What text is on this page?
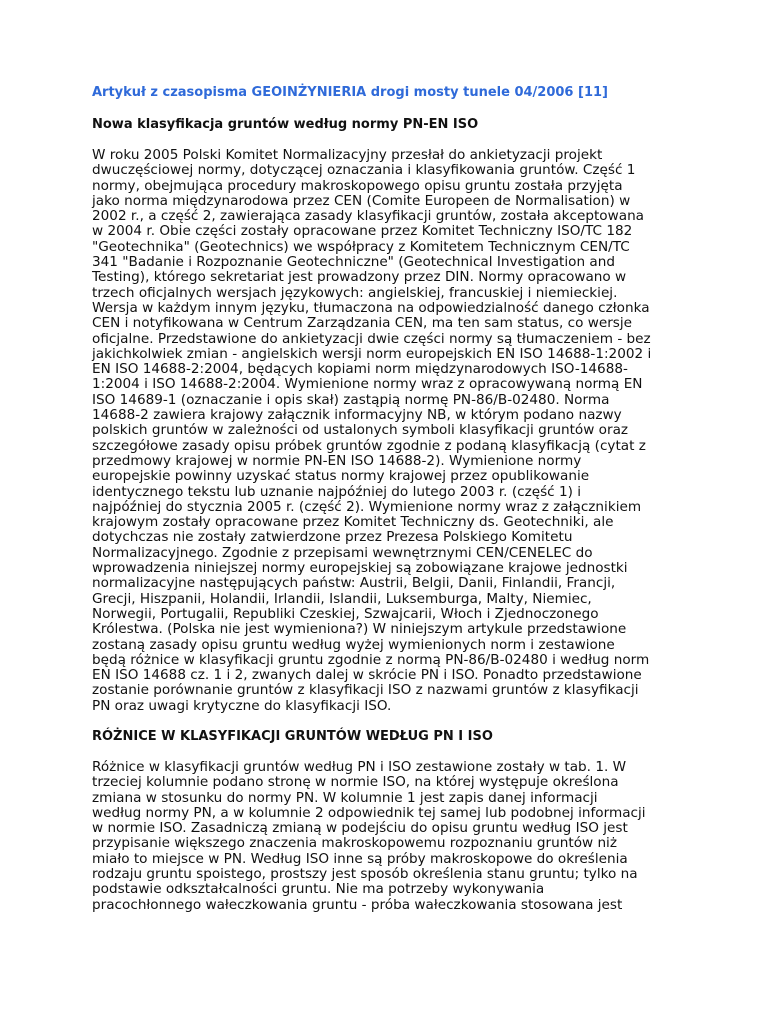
Artykuł z czasopisma GEOINŻYNIERIA drogi mosty tunele 04/2006 [11]
Nowa klasyfikacja gruntów według normy PN-EN ISO

W roku 2005 Polski Komitet Normalizacyjny przesłał do ankietyzacji projekt
dwuczęściowej normy, dotyczącej oznaczania i klasyfikowania gruntów. Część 1
normy, obejmująca procedury makroskopowego opisu gruntu została przyjęta
jako norma międzynarodowa przez CEN (Comite Europeen de Normalisation) w
2002 r., a część 2, zawierająca zasady klasyfikacji gruntów, została akceptowana
w 2004 r. Obie części zostały opracowane przez Komitet Techniczny ISO/TC 182
"Geotechnika" (Geotechnics) we współpracy z Komitetem Technicznym CEN/TC
341 "Badanie i Rozpoznanie Geotechniczne" (Geotechnical Investigation and
Testing), którego sekretariat jest prowadzony przez DIN. Normy opracowano w
trzech oficjalnych wersjach językowych: angielskiej, francuskiej i niemieckiej.
Wersja w każdym innym języku, tłumaczona na odpowiedzialność danego członka
CEN i notyfikowana w Centrum Zarządzania CEN, ma ten sam status, co wersje
oficjalne. Przedstawione do ankietyzacji dwie części normy są tłumaczeniem - bez
jakichkolwiek zmian - angielskich wersji norm europejskich EN ISO 14688-1:2002 i
EN ISO 14688-2:2004, będących kopiami norm międzynarodowych ISO-14688-
1:2004 i ISO 14688-2:2004. Wymienione normy wraz z opracowywaną normą EN
ISO 14689-1 (oznaczanie i opis skał) zastąpią normę PN-86/B-02480. Norma
14688-2 zawiera krajowy załącznik informacyjny NB, w którym podano nazwy
polskich gruntów w zależności od ustalonych symboli klasyfikacji gruntów oraz
szczegółowe zasady opisu próbek gruntów zgodnie z podaną klasyfikacją (cytat z
przedmowy krajowej w normie PN-EN ISO 14688-2). Wymienione normy
europejskie powinny uzyskać status normy krajowej przez opublikowanie
identycznego tekstu lub uznanie najpóźniej do lutego 2003 r. (część 1) i
najpóźniej do stycznia 2005 r. (część 2). Wymienione normy wraz z załącznikiem
krajowym zostały opracowane przez Komitet Techniczny ds. Geotechniki, ale
dotychczas nie zostały zatwierdzone przez Prezesa Polskiego Komitetu
Normalizacyjnego. Zgodnie z przepisami wewnętrznymi CEN/CENELEC do
wprowadzenia niniejszej normy europejskiej są zobowiązane krajowe jednostki
normalizacyjne następujących państw: Austrii, Belgii, Danii, Finlandii, Francji,
Grecji, Hiszpanii, Holandii, Irlandii, Islandii, Luksemburga, Malty, Niemiec,
Norwegii, Portugalii, Republiki Czeskiej, Szwajcarii, Włoch i Zjednoczonego
Królestwa. (Polska nie jest wymieniona?) W niniejszym artykule przedstawione
zostaną zasady opisu gruntu według wyżej wymienionych norm i zestawione
będą różnice w klasyfikacji gruntu zgodnie z normą PN-86/B-02480 i według norm
EN ISO 14688 cz. 1 i 2, zwanych dalej w skrócie PN i ISO. Ponadto przedstawione
zostanie porównanie gruntów z klasyfikacji ISO z nazwami gruntów z klasyfikacji
PN oraz uwagi krytyczne do klasyfikacji ISO.

RÓŻNICE W KLASYFIKACJI GRUNTÓW WEDŁUG PN I ISO

Różnice w klasyfikacji gruntów według PN i ISO zestawione zostały w tab. 1. W
trzeciej kolumnie podano stronę w normie ISO, na której występuje określona
zmiana w stosunku do normy PN. W kolumnie 1 jest zapis danej informacji
według normy PN, a w kolumnie 2 odpowiednik tej samej lub podobnej informacji
w normie ISO. Zasadniczą zmianą w podejściu do opisu gruntu według ISO jest
przypisanie większego znaczenia makroskopowemu rozpoznaniu gruntów niż
miało to miejsce w PN. Według ISO inne są próby makroskopowe do określenia
rodzaju gruntu spoistego, prostszy jest sposób określenia stanu gruntu; tylko na
podstawie odkształcalności gruntu. Nie ma potrzeby wykonywania
pracochłonnego wałeczkowania gruntu - próba wałeczkowania stosowana jest
